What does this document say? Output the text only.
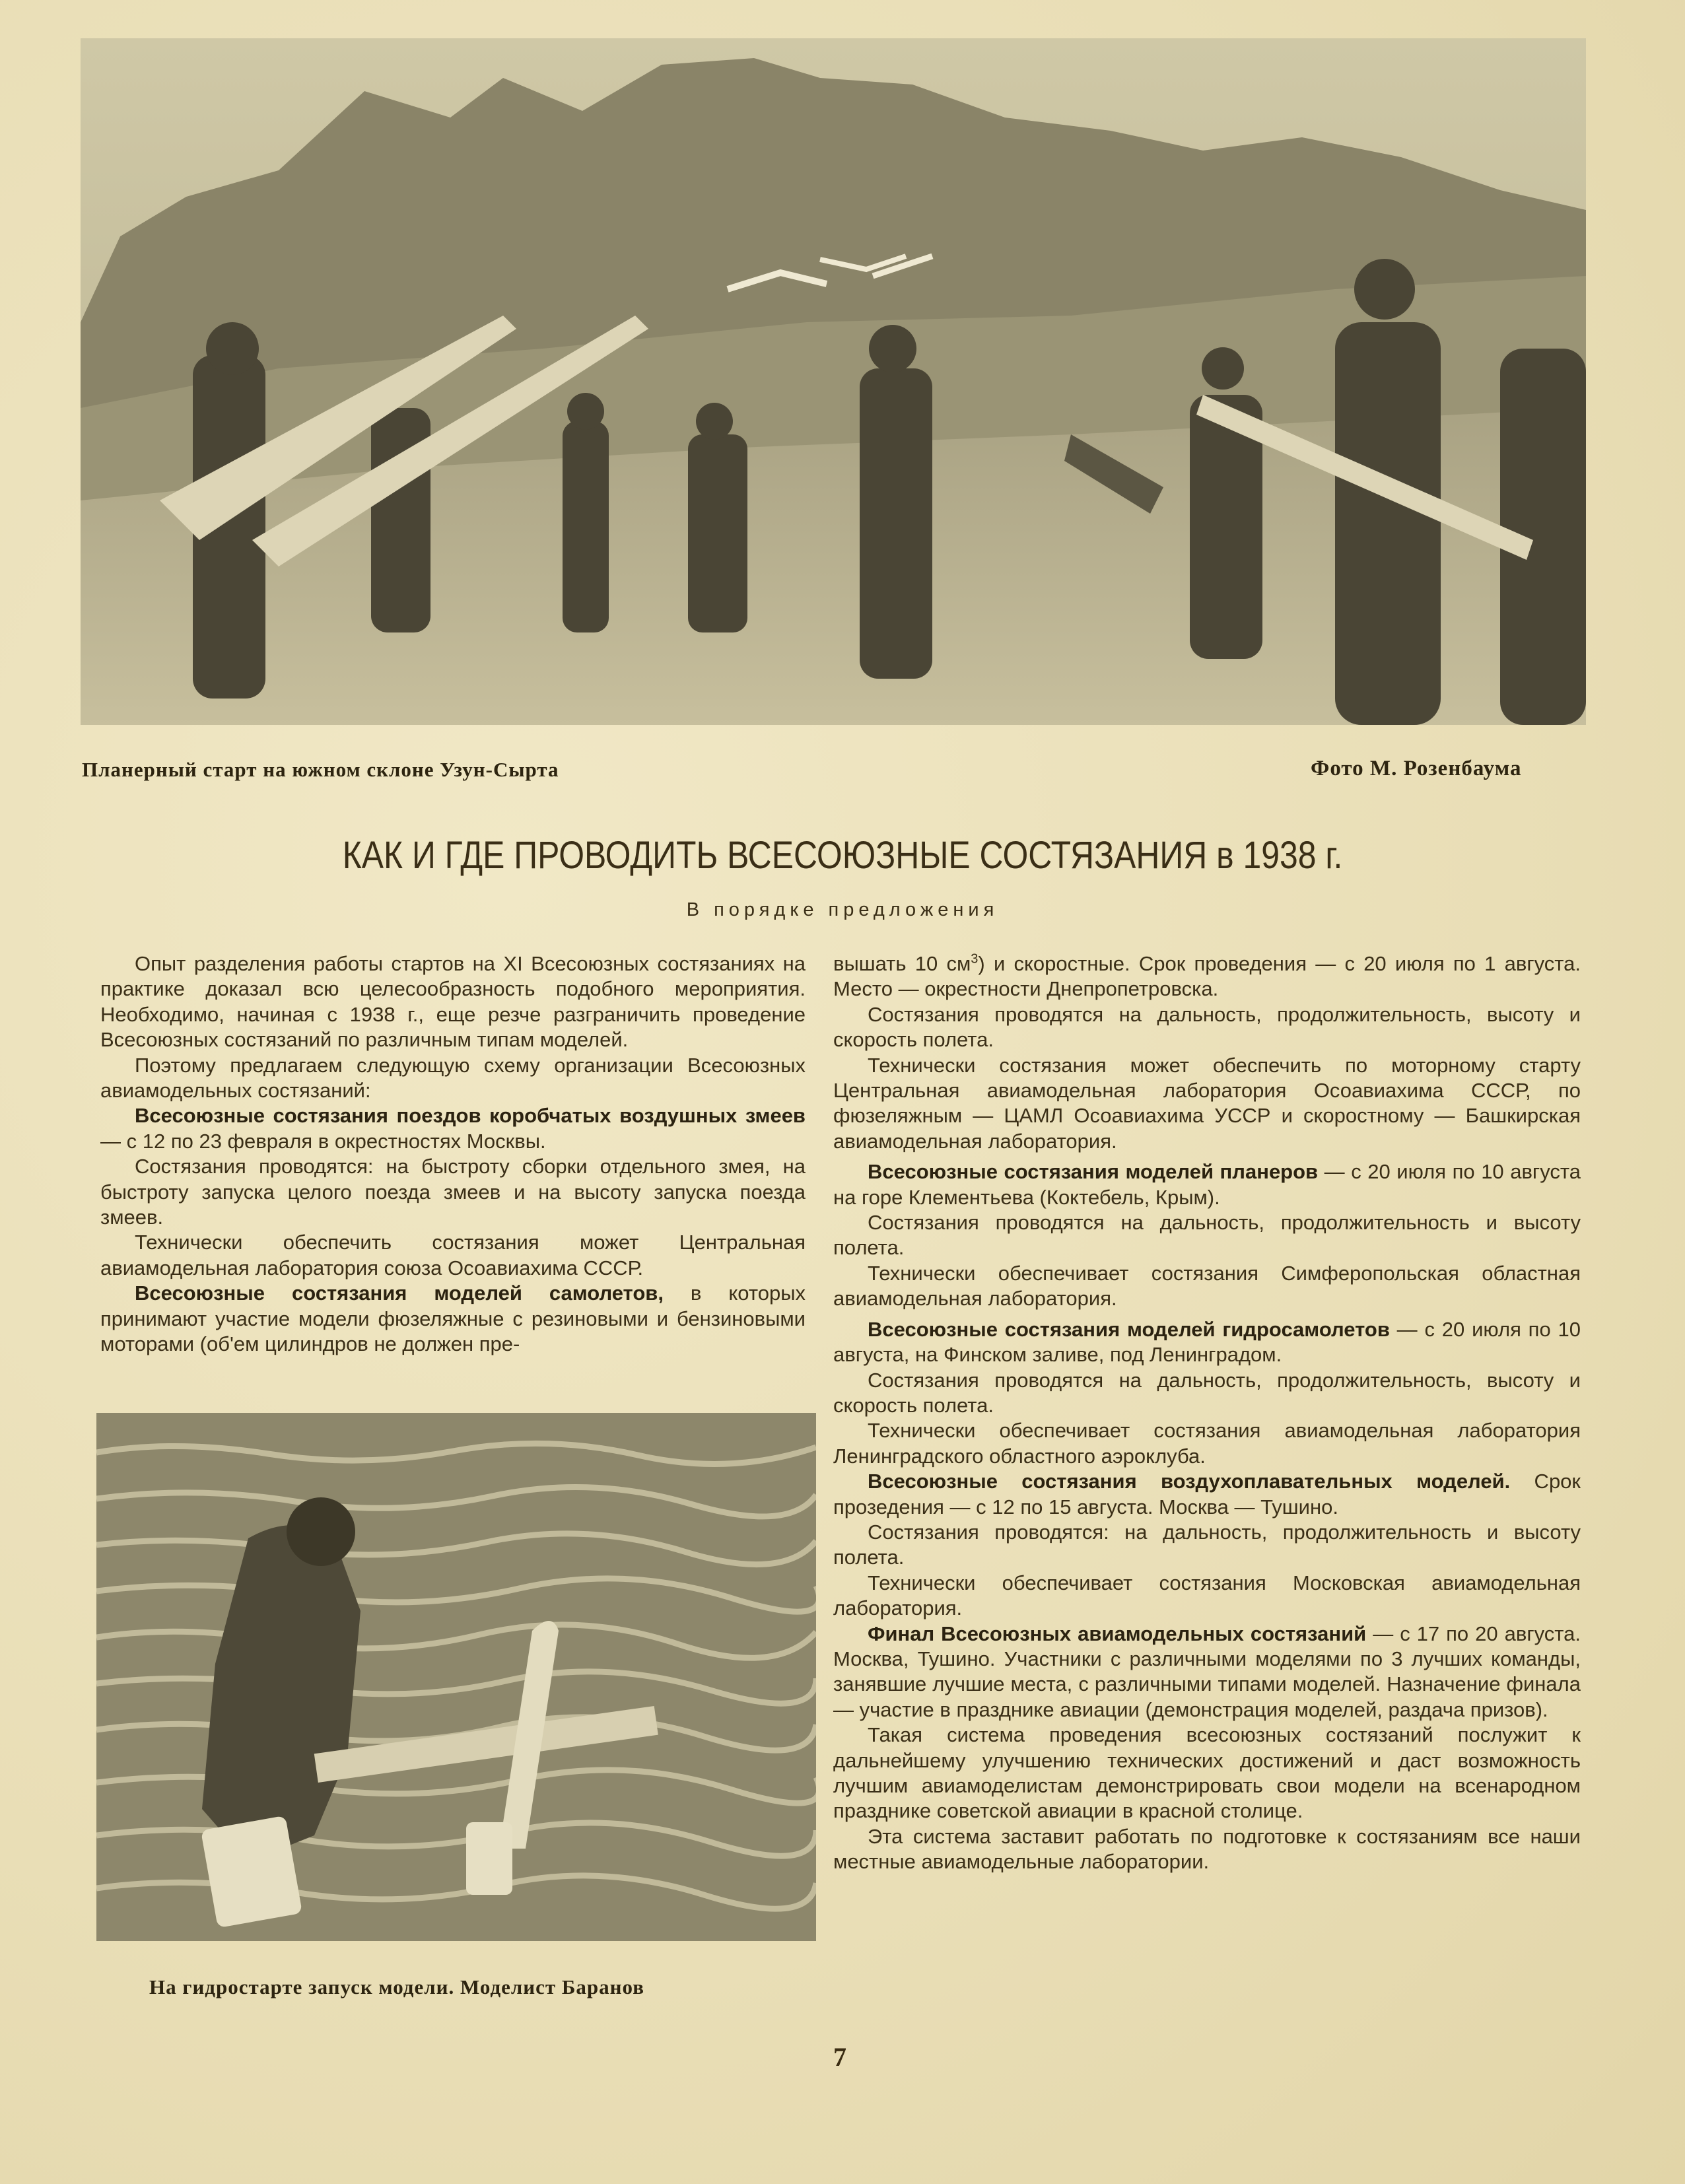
Планерный старт на южном склоне Узун-Сырта	Фото М. Розенбаума
КАК И ГДЕ ПРОВОДИТЬ ВСЕСОЮЗНЫЕ СОСТЯЗАНИЯ в 1938 г.
В порядке предложения

Опыт разделения работы стартов на XI Всесоюзных состязаниях на практике доказал всю целесообразность подобного мероприятия. Необходимо, начиная с 1938 г., еще резче разграничить проведение Всесоюзных состязаний по различным типам моделей.

Поэтому предлагаем следующую схему организации Всесоюзных авиамодельных состязаний:

Всесоюзные состязания поездов коробчатых воздушных змеев — с 12 по 23 февраля в окрестностях Москвы.

Состязания проводятся: на быстроту сборки отдельного змея, на быстроту запуска целого поезда змеев и на высоту запуска поезда змеев.

Технически обеспечить состязания может Центральная авиамодельная лаборатория союза Осоавиахима СССР.

Всесоюзные состязания моделей самолетов, в которых принимают участие модели фюзеляжные с резиновыми и бензиновыми моторами (об'ем цилиндров не должен пре-

На гидростарте запуск модели. Моделист Баранов

вышать 10 $см^3$) и скоростные. Срок проведения — с 20 июля по 1 августа. Место — окрестности Днепропетровска.

Состязания проводятся на дальность, продолжительность, высоту и скорость полета.

Технически состязания может обеспечить по моторному старту Центральная авиамодельная лаборатория Осоавиахима СССР, по фюзеляжным — ЦАМЛ Осоавиахима УССР и скоростному — Башкирская авиамодельная лаборатория.

Всесоюзные состязания моделей планеров — с 20 июля по 10 августа на горе Клементьева (Коктебель, Крым).

Состязания проводятся на дальность, продолжительность и высоту полета.

Технически обеспечивает состязания Симферопольская областная авиамодельная лаборатория.

Всесоюзные состязания моделей гидросамолетов — с 20 июля по 10 августа, на Финском заливе, под Ленинградом.

Состязания проводятся на дальность, продолжительность, высоту и скорость полета.

Технически обеспечивает состязания авиамодельная лаборатория Ленинградского областного аэроклуба.

Всесоюзные состязания воздухоплавательных моделей. Срок прозедения — с 12 по 15 августа. Москва — Тушино.

Состязания проводятся: на дальность, продолжительность и высоту полета.

Технически обеспечивает состязания Московская авиамодельная лаборатория.

Финал Всесоюзных авиамодельных состязаний — с 17 по 20 августа. Москва, Тушино. Участники с различными моделями по 3 лучших команды, занявшие лучшие места, с различными типами моделей. Назначение финала — участие в празднике авиации (демонстрация моделей, раздача призов).

Такая система проведения всесоюзных состязаний послужит к дальнейшему улучшению технических достижений и даст возможность лучшим авиамоделистам демонстрировать свои модели на всенародном празднике советской авиации в красной столице.

Эта система заставит работать по подготовке к состязаниям все наши местные авиамодельные лаборатории.

7
